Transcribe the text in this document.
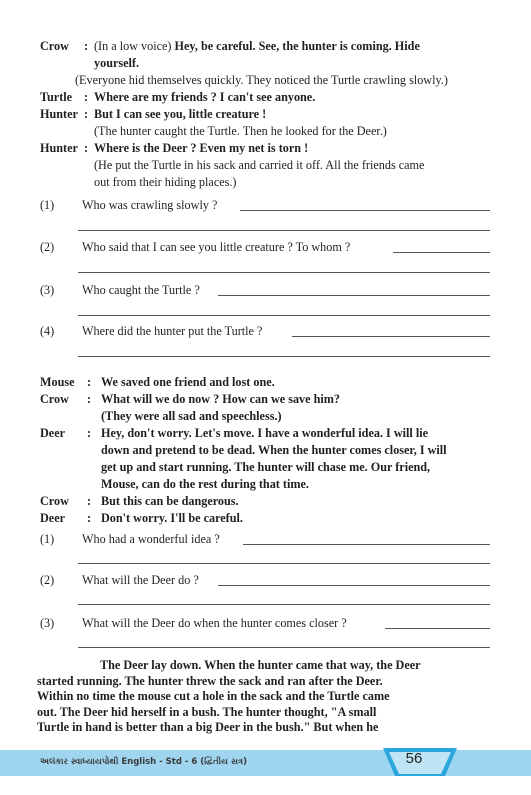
Crow : (In a low voice) Hey, be careful. See, the hunter is coming. Hide
yourself.
(Everyone hid themselves quickly. They noticed the Turtle crawling slowly.)
Turtle : Where are my friends ? I can't see anyone.
Hunter : But I can see you, little creature !
(The hunter caught the Turtle. Then he looked for the Deer.)
Hunter : Where is the Deer ? Even my net is torn !
(He put the Turtle in his sack and carried it off. All the friends came
out from their hiding places.)
(1) Who was crawling slowly ?
(2) Who said that I can see you little creature ? To whom ?
(3) Who caught the Turtle ?
(4) Where did the hunter put the Turtle ?
Mouse : We saved one friend and lost one.
Crow : What will we do now ? How can we save him?
(They were all sad and speechless.)
Deer : Hey, don't worry. Let's move. I have a wonderful idea. I will lie
down and pretend to be dead. When the hunter comes closer, I will
get up and start running. The hunter will chase me. Our friend,
Mouse, can do the rest during that time.
Crow : But this can be dangerous.
Deer : Don't worry. I'll be careful.
(1) Who had a wonderful idea ?
(2) What will the Deer do ?
(3) What will the Deer do when the hunter comes closer ?
The Deer lay down. When the hunter came that way, the Deer
started running. The hunter threw the sack and ran after the Deer.
Within no time the mouse cut a hole in the sack and the Turtle came
out. The Deer hid herself in a bush. The hunter thought, "A small
Turtle in hand is better than a big Deer in the bush." But when he
અલંકાર સ્વાધ્યાયપોથી English - Std - 6 (દ્વિતીય સત્ર)	56
